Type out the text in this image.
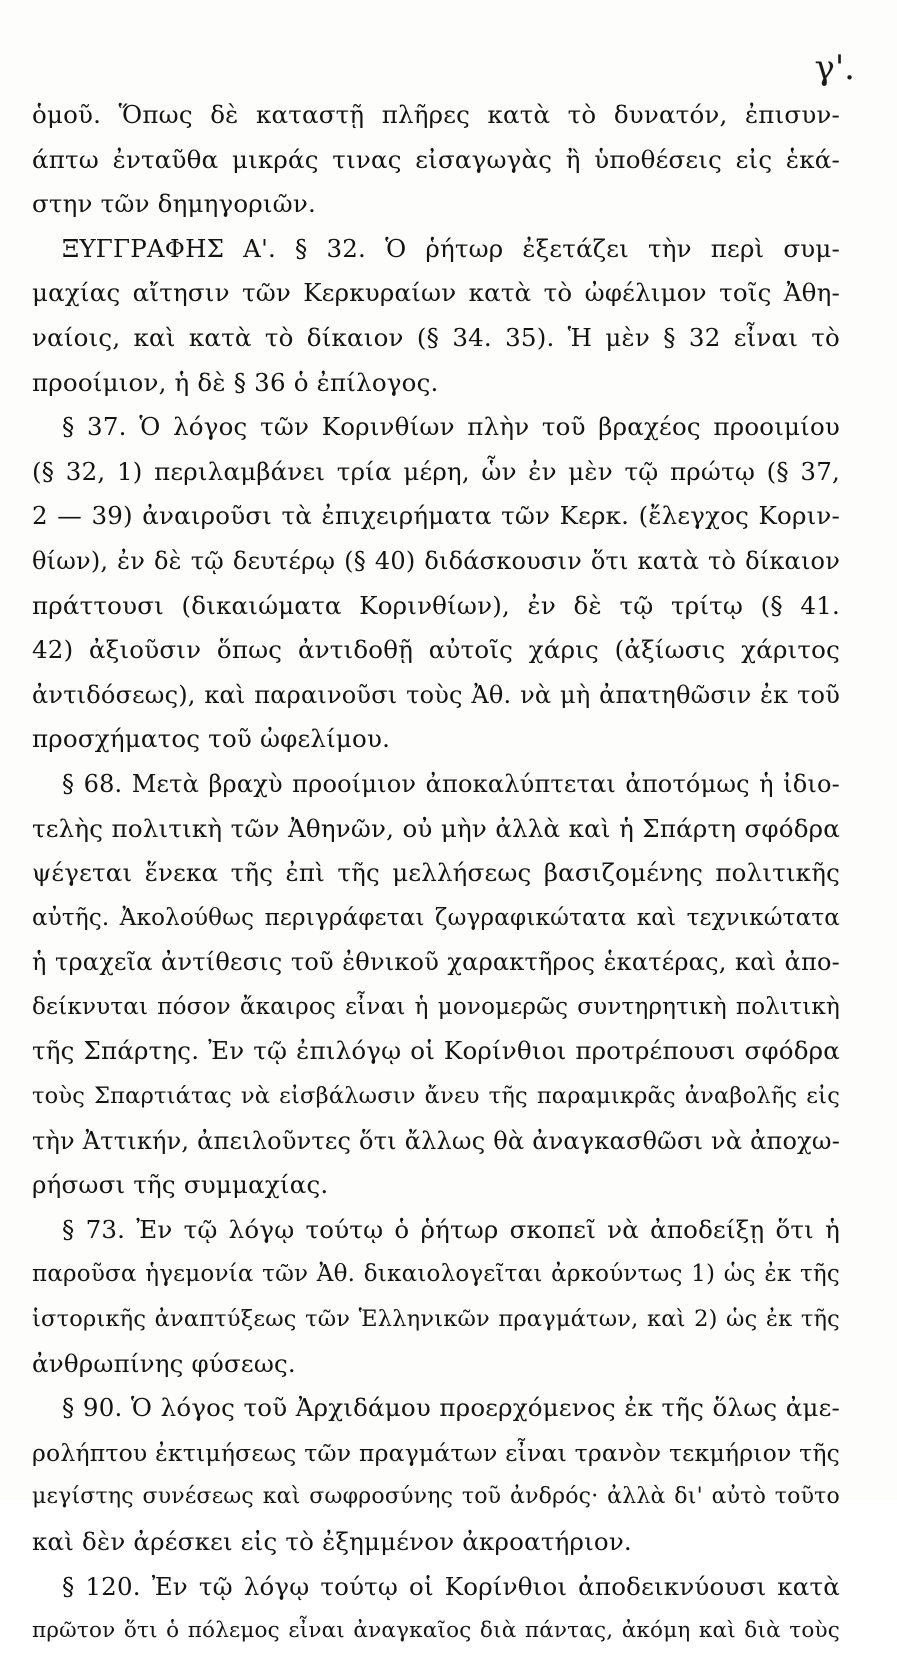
γ'.
ὁμοῦ. Ὅπως δὲ καταστῇ πλῆρες κατὰ τὸ δυνατόν, ἐπισυν-
άπτω ἐνταῦθα μικράς τινας εἰσαγωγὰς ἢ ὑποθέσεις εἰς ἑκά-
στην τῶν δημηγοριῶν.
ΞΥΓΓΡΑΦΗΣ Α'. § 32. Ὁ ῥήτωρ ἐξετάζει τὴν περὶ συμ-
μαχίας αἴτησιν τῶν Κερκυραίων κατὰ τὸ ὠφέλιμον τοῖς Ἀθη-
ναίοις, καὶ κατὰ τὸ δίκαιον (§ 34. 35). Ἡ μὲν § 32 εἶναι τὸ
προοίμιον, ἡ δὲ § 36 ὁ ἐπίλογος.
§ 37. Ὁ λόγος τῶν Κορινθίων πλὴν τοῦ βραχέος προοιμίου
(§ 32, 1) περιλαμβάνει τρία μέρη, ὧν ἐν μὲν τῷ πρώτῳ (§ 37,
2 — 39) ἀναιροῦσι τὰ ἐπιχειρήματα τῶν Κερκ. (ἔλεγχος Κοριν-
θίων), ἐν δὲ τῷ δευτέρῳ (§ 40) διδάσκουσιν ὅτι κατὰ τὸ δίκαιον
πράττουσι (δικαιώματα Κορινθίων), ἐν δὲ τῷ τρίτῳ (§ 41.
42) ἀξιοῦσιν ὅπως ἀντιδοθῇ αὐτοῖς χάρις (ἀξίωσις χάριτος
ἀντιδόσεως), καὶ παραινοῦσι τοὺς Ἀθ. νὰ μὴ ἀπατηθῶσιν ἐκ τοῦ
προσχήματος τοῦ ὠφελίμου.
§ 68. Μετὰ βραχὺ προοίμιον ἀποκαλύπτεται ἀποτόμως ἡ ἰδιο-
τελὴς πολιτικὴ τῶν Ἀθηνῶν, οὐ μὴν ἀλλὰ καὶ ἡ Σπάρτη σφόδρα
ψέγεται ἕνεκα τῆς ἐπὶ τῆς μελλήσεως βασιζομένης πολιτικῆς
αὐτῆς. Ἀκολούθως περιγράφεται ζωγραφικώτατα καὶ τεχνικώτατα
ἡ τραχεῖα ἀντίθεσις τοῦ ἐθνικοῦ χαρακτῆρος ἑκατέρας, καὶ ἀπο-
δείκνυται πόσον ἄκαιρος εἶναι ἡ μονομερῶς συντηρητικὴ πολιτικὴ
τῆς Σπάρτης. Ἐν τῷ ἐπιλόγῳ οἱ Κορίνθιοι προτρέπουσι σφόδρα
τοὺς Σπαρτιάτας νὰ εἰσβάλωσιν ἄνευ τῆς παραμικρᾶς ἀναβολῆς εἰς
τὴν Ἀττικήν, ἀπειλοῦντες ὅτι ἄλλως θὰ ἀναγκασθῶσι νὰ ἀποχω-
ρήσωσι τῆς συμμαχίας.
§ 73. Ἐν τῷ λόγῳ τούτῳ ὁ ῥήτωρ σκοπεῖ νὰ ἀποδείξῃ ὅτι ἡ
παροῦσα ἡγεμονία τῶν Ἀθ. δικαιολογεῖται ἀρκούντως 1) ὡς ἐκ τῆς
ἱστορικῆς ἀναπτύξεως τῶν Ἑλληνικῶν πραγμάτων, καὶ 2) ὡς ἐκ τῆς
ἀνθρωπίνης φύσεως.
§ 90. Ὁ λόγος τοῦ Ἀρχιδάμου προερχόμενος ἐκ τῆς ὅλως ἀμε-
ρολήπτου ἐκτιμήσεως τῶν πραγμάτων εἶναι τρανὸν τεκμήριον τῆς
μεγίστης συνέσεως καὶ σωφροσύνης τοῦ ἀνδρός· ἀλλὰ δι' αὐτὸ τοῦτο
καὶ δὲν ἀρέσκει εἰς τὸ ἐξημμένον ἀκροατήριον.
§ 120. Ἐν τῷ λόγῳ τούτῳ οἱ Κορίνθιοι ἀποδεικνύουσι κατὰ
πρῶτον ὅτι ὁ πόλεμος εἶναι ἀναγκαῖος διὰ πάντας, ἀκόμη καὶ διὰ τοὺς
